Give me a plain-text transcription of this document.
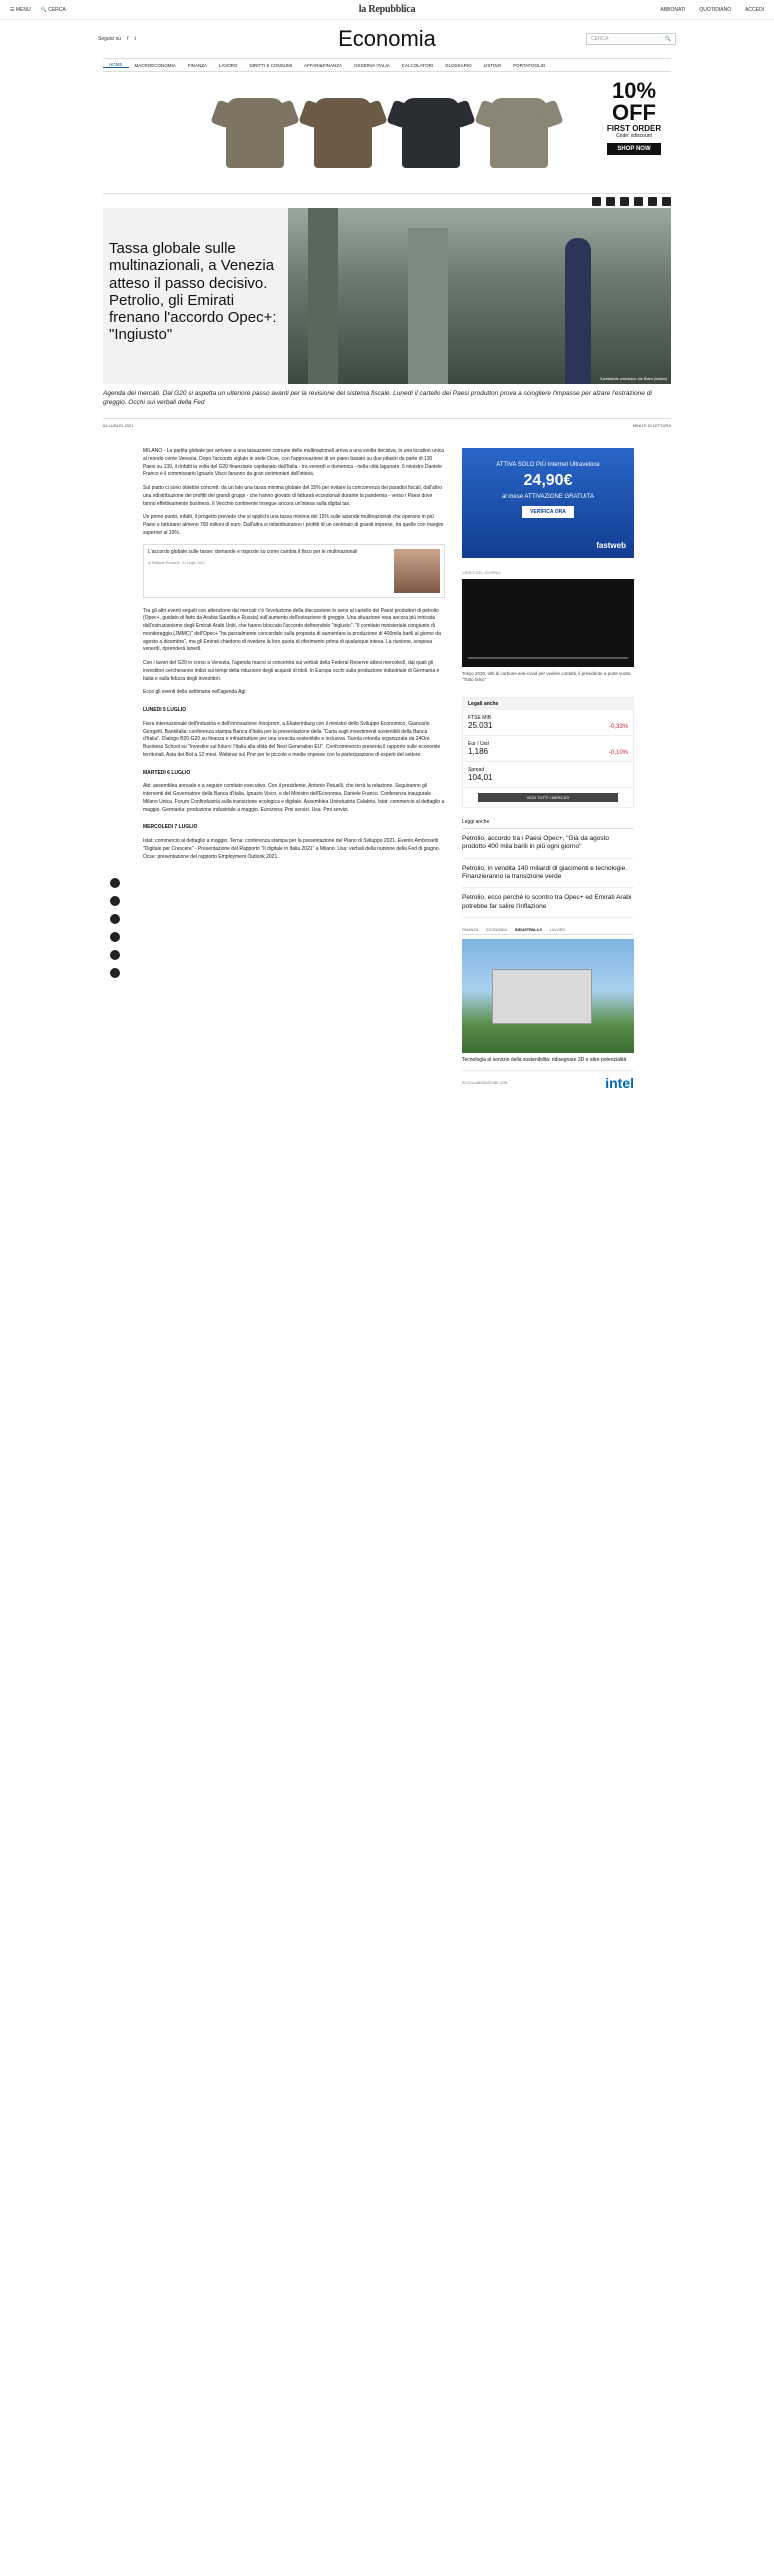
☰ MENU 🔍 CERCA	la Repubblica	ABBONATI	QUOTIDIANO	ACCEDI
Seguici su f t	Economia	CERCA	🔍
HOME	MACROECONOMIA	FINANZA	LAVORO	DIRITTI E CONSUMI	AFFARI&FINANZA	OSSERVA ITALIA	CALCOLATORI	GLOSSARIO	LISTINO	PORTAFOGLIO
10% OFF
FIRST ORDER
Code: xdiscount
SHOP NOW
Tassa globale sulle multinazionali, a Venezia atteso il passo decisivo. Petrolio, gli Emirati frenano l'accordo Opec+: "Ingiusto"
Il presidente americano Joe Biden (reuters)
Agenda dei mercati. Dal G20 si aspetta un ulteriore passo avanti per la revisione del sistema fiscale. Lunedì il cartello dei Paesi produttori prova a sciogliere l'impasse per alzare l'estrazione di greggio. Occhi sui verbali della Fed
04 LUGLIO 2021	MINUTI DI LETTURA

MILANO - La partita globale per arrivare a una tassazione comune delle multinazionali arriva a una svolta decisiva, in una location unica al mondo come Venezia. Dopo l'accordo siglato in sede Ocse, con l'approvazione di un piano basato su due pilastri da parte di 130 Paesi su 139, il rinfatti la volta del G20 finanziario capitanato dall'Italia - tra venerdì e domenica - nella città lagunare. Il ministro Daniele Franco e il commissario Ignazio Visco faranno da gran cerimonieri dell'intesa.

Sul piatto ci sono obiettivi concreti: da un lato una tassa minima globale del 15% per evitare la concorrenza dei paradisi fiscali, dall'altro una ridistribuzione dei profitti dei grandi gruppi - che hanno giovato di fatturati eccezionali durante la pandemia - verso i Paesi dove fanno effettivamente business. Il Vecchio continente insegue ancora un'intesa sulla digital tax.

Un primo punto, infatti, il progetto prevede che si applichi una tassa minima del 15% sulle aziende multinazionali che operano in più Paesi e fatturano almeno 750 milioni di euro. Dall'altra si ridistribuiranno i profitti di un centinaio di grandi imprese, tra quelle con margini superiori al 10%.

L'accordo globale sulle tasse: domande e risposte su come cambia il fisco per le multinazionali
di Raffaele Ricciardi · 01 Luglio 2021

Tra gli altri eventi seguiti con attenzione dai mercati c'è l'evoluzione della discussione in seno al cartello dei Paesi produttori di petrolio (Opec+, guidato di fatto da Arabia Saudita e Russia) sull'aumento dell'estrazione di greggio. Una situazione resa ancora più intricata dall'ostruzionismo degli Emirati Arabi Uniti, che hanno bloccato l'accordo definendolo "ingiusto". "Il comitato ministeriale congiunto di monitoraggio (JMMC)" dell'Opec+ "ha parzialmente concordato sulla proposta di aumentare la produzione di 400mila barili al giorno da agosto a dicembre", ma gli Emirati chiedono di rivedere la loro quota di riferimento prima di qualunque intesa. La riunione, sospesa venerdì, riprenderà lunedì.

Con i lavori del G20 in corso a Venezia, l'agenda macro si concentra sui verbali della Federal Reserve attesi mercoledì, dai quali gli investitori cercheranno indizi sui tempi della riduzione degli acquisti di titoli. In Europa occhi sulla produzione industriale di Germania e Italia e sulla fiducia degli investitori.

Ecco gli eventi della settimana nell'agenda Agi:

LUNEDI 5 LUGLIO

Fiera internazionale dell'industria e dell'innovazione Innoprom, a Ekaterinburg con il ministro dello Sviluppo Economico, Giancarlo Giorgetti. Bankitalia: conferenza stampa Banca d'Italia per la presentazione della "Carta sugli investimenti sostenibili della Banca d'Italia". Dialogo B20-G20 su finanza e infrastrutture per una crescita sostenibile e inclusiva. Tavola rotonda organizzata da 24Ore Business School su "Investire sul futuro: l'Italia alla sfida del Next Generation EU". Confcommercio presenta il rapporto sulle economie territoriali. Asta dei Bot a 12 mesi. Webinar sul Pnrr per le piccole e medie imprese con la partecipazione di esperti del settore.

MARTEDI 6 LUGLIO

Abi: assemblea annuale e a seguire comitato esecutivo. Con il presidente, Antonio Patuelli, che terrà la relazione. Seguiranno gli interventi del Governatore della Banca d'Italia, Ignazio Visco, e del Ministro dell'Economia, Daniele Franco. Conferenza inaugurale Milano Unica. Forum Confindustria sulla transizione ecologica e digitale. Assemblea Unindustria Calabria. Istat: commercio al dettaglio a maggio. Germania: produzione industriale a maggio. Eurozona: Pmi servizi. Usa: Pmi servizi.

MERCOLEDI 7 LUGLIO

Istat: commercio al dettaglio a maggio. Terna: conferenza stampa per la presentazione del Piano di Sviluppo 2021. Evento Ambrosetti "Digitale per Crescere" - Presentazione del Rapporto "Il digitale in Italia 2021" a Milano. Usa: verbali della riunione della Fed di giugno. Ocse: presentazione del rapporto Employment Outlook 2021.

ATTIVA SOLO PIÙ Internet Ultraveloce
24,90€
al mese ATTIVAZIONE GRATUITA
VERIFICA ORA
fastweb
VIDEO DEL GIORNO
Tokyo 2020, tolti di carbone anti-covid per vedere contatti, il presidente a porte vuote: "Tutto falso"
Legali anche
FTSE MIB
25.031	-0,33%
Eur / Usd
1,186	-0,10%
Spread
104,01
VEDI TUTTI I MERCATI
Leggi anche
Petrolio, accordo tra i Paesi Opec+, "Già da agosto prodotto 400 mila barili in più ogni giorno"
Petrolio, in vendita 140 miliardi di giacimenti e tecnologie. Finanzieranno la transizione verde
Petrolio, ecco perché lo scontro tra Opec+ ed Emirati Arabi potrebbe far salire l'inflazione
FINANZA ECONOMIA INDUSTRIA 4.0 LAVORO
Tecnologia al servizio della sostenibilità: ridisegnare 3D e altre potenzialità
IN COLLABORAZIONE CON	intel
